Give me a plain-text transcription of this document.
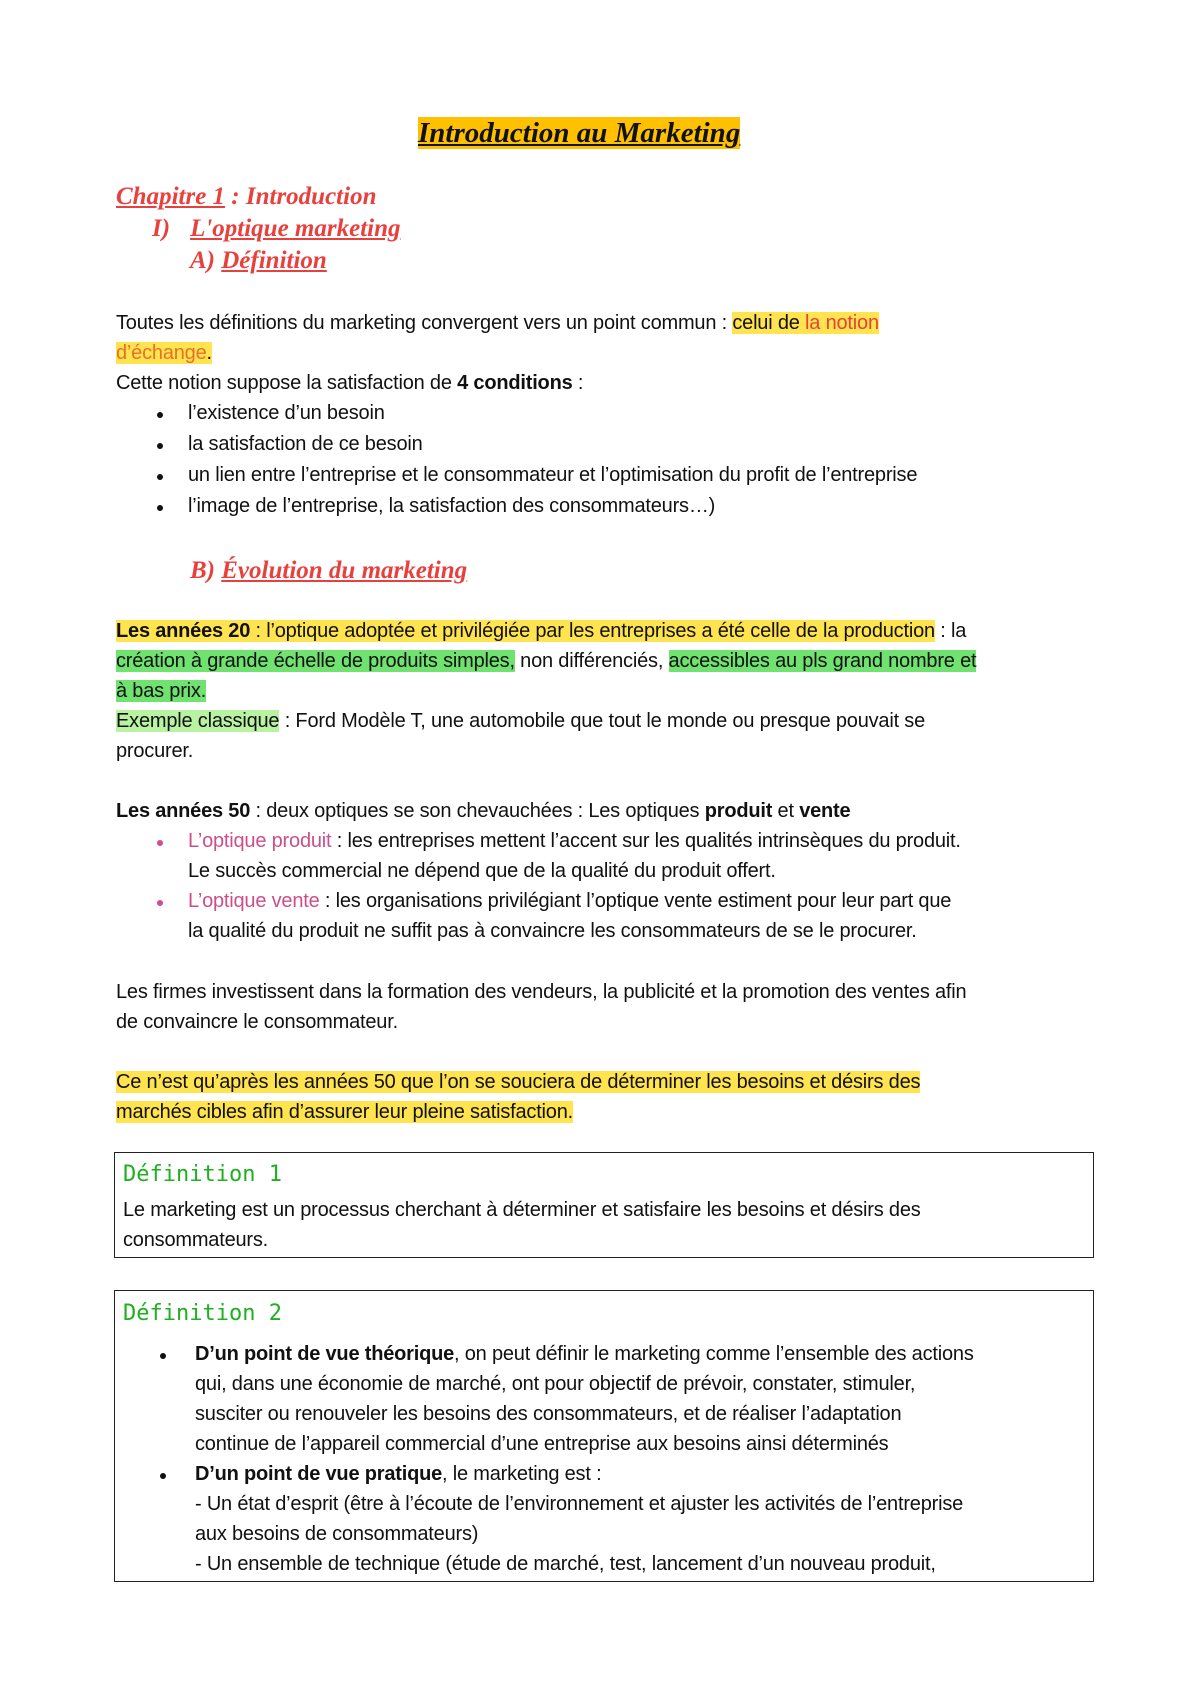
Introduction au Marketing
Chapitre 1 : Introduction
I) L'optique marketing
A) Définition
Toutes les définitions du marketing convergent vers un point commun : celui de la notion
d’échange.
Cette notion suppose la satisfaction de 4 conditions :
l’existence d’un besoin
la satisfaction de ce besoin
un lien entre l’entreprise et le consommateur et l’optimisation du profit de l’entreprise
l’image de l’entreprise, la satisfaction des consommateurs…)
B) Évolution du marketing
Les années 20 : l’optique adoptée et privilégiée par les entreprises a été celle de la production : la
création à grande échelle de produits simples, non différenciés, accessibles au pls grand nombre et
à bas prix.
Exemple classique : Ford Modèle T, une automobile que tout le monde ou presque pouvait se
procurer.
Les années 50 : deux optiques se son chevauchées : Les optiques produit et vente
L’optique produit : les entreprises mettent l’accent sur les qualités intrinsèques du produit.
Le succès commercial ne dépend que de la qualité du produit offert.
L’optique vente : les organisations privilégiant l’optique vente estiment pour leur part que
la qualité du produit ne suffit pas à convaincre les consommateurs de se le procurer.
Les firmes investissent dans la formation des vendeurs, la publicité et la promotion des ventes afin
de convaincre le consommateur.
Ce n’est qu’après les années 50 que l’on se souciera de déterminer les besoins et désirs des
marchés cibles afin d’assurer leur pleine satisfaction.
Définition 1
Le marketing est un processus cherchant à déterminer et satisfaire les besoins et désirs des
consommateurs.
Définition 2
D’un point de vue théorique, on peut définir le marketing comme l’ensemble des actions
qui, dans une économie de marché, ont pour objectif de prévoir, constater, stimuler,
susciter ou renouveler les besoins des consommateurs, et de réaliser l’adaptation
continue de l’appareil commercial d’une entreprise aux besoins ainsi déterminés
D’un point de vue pratique, le marketing est :
- Un état d’esprit (être à l’écoute de l’environnement et ajuster les activités de l’entreprise
aux besoins de consommateurs)
- Un ensemble de technique (étude de marché, test, lancement d’un nouveau produit,
